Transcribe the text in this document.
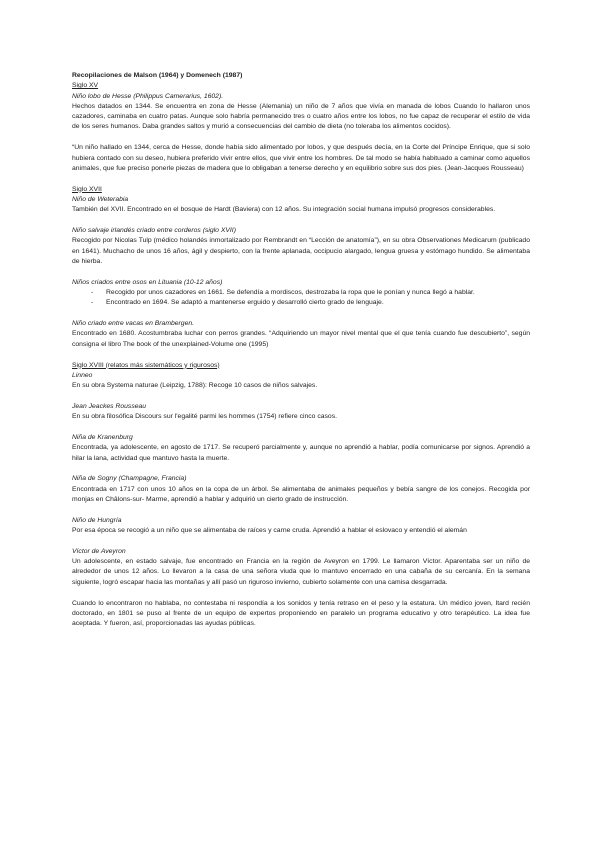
Recopilaciones de Malson (1964) y Domenech (1987)
Siglo XV
Niño lobo de Hesse (Philippus Camerarius, 1602).

Hechos datados en 1344. Se encuentra en zona de Hesse (Alemania) un niño de 7 años que vivía en manada de lobos Cuando lo hallaron unos cazadores, caminaba en cuatro patas. Aunque solo habría permanecido tres o cuatro años entre los lobos, no fue capaz de recuperar el estilo de vida de los seres humanos. Daba grandes saltos y murió a consecuencias del cambio de dieta (no toleraba los alimentos cocidos).

“Un niño hallado en 1344, cerca de Hesse, donde había sido alimentado por lobos, y que después decía, en la Corte del Príncipe Enrique, que si solo hubiera contado con su deseo, hubiera preferido vivir entre ellos, que vivir entre los hombres. De tal modo se había habituado a caminar como aquellos animales, que fue preciso ponerle piezas de madera que lo obligaban a tenerse derecho y en equilibrio sobre sus dos pies. (Jean-Jacques Rousseau)

Siglo XVII
Niño de Weterabia

También del XVII. Encontrado en el bosque de Hardt (Baviera) con 12 años. Su integración social humana impulsó progresos considerables.

Niño salvaje irlandés criado entre corderos (siglo XVII)

Recogido por Nicolas Tulp (médico holandés inmortalizado por Rembrandt en “Lección de anatomía”), en su obra Observationes Medicarum (publicado en 1641). Muchacho de unos 16 años, ágil y despierto, con la frente aplanada, occipucio alargado, lengua gruesa y estómago hundido. Se alimentaba de hierba.

Niños criados entre osos en Lituania (10-12 años)
- Recogido por unos cazadores en 1661. Se defendía a mordiscos, destrozaba la ropa que le ponían y nunca llegó a hablar.
- Encontrado en 1694. Se adaptó a mantenerse erguido y desarrolló cierto grado de lenguaje.
Niño criado entre vacas en Brambergen.

Encontrado en 1680. Acostumbraba luchar con perros grandes. “Adquiriendo un mayor nivel mental que el que tenía cuando fue descubierto”, según consigna el libro The book of the unexplained-Volume one (1995)

Siglo XVIII (relatos más sistemáticos y rigurosos)
Linneo

En su obra Systema naturae (Leipzig, 1788): Recoge 10 casos de niños salvajes.

Jean Jeackes Rousseau

En su obra filosófica Discours sur l'egalité parmi les hommes (1754) refiere cinco casos.

Niña de Kranenburg

Encontrada, ya adolescente, en agosto de 1717. Se recuperó parcialmente y, aunque no aprendió a hablar, podía comunicarse por signos. Aprendió a hilar la lana, actividad que mantuvo hasta la muerte.

Niña de Sogny (Champagne, Francia)

Encontrada en 1717 con unos 10 años en la copa de un árbol. Se alimentaba de animales pequeños y bebía sangre de los conejos. Recogida por monjas en Châlons-sur- Marme, aprendió a hablar y adquirió un cierto grado de instrucción.

Niño de Hungría

Por esa época se recogió a un niño que se alimentaba de raíces y carne cruda. Aprendió a hablar el eslovaco y entendió el alemán

Víctor de Aveyron

Un adolescente, en estado salvaje, fue encontrado en Francia en la región de Aveyron en 1799. Le llamaron Víctor. Aparentaba ser un niño de alrededor de unos 12 años. Lo llevaron a la casa de una señora viuda que lo mantuvo encerrado en una cabaña de su cercanía. En la semana siguiente, logró escapar hacia las montañas y allí pasó un riguroso invierno, cubierto solamente con una camisa desgarrada.

Cuando lo encontraron no hablaba, no contestaba ni respondía a los sonidos y tenía retraso en el peso y la estatura. Un médico joven, Itard recién doctorado, en 1801 se puso al frente de un equipo de expertos proponiendo en paralelo un programa educativo y otro terapéutico. La idea fue aceptada. Y fueron, así, proporcionadas las ayudas públicas.
